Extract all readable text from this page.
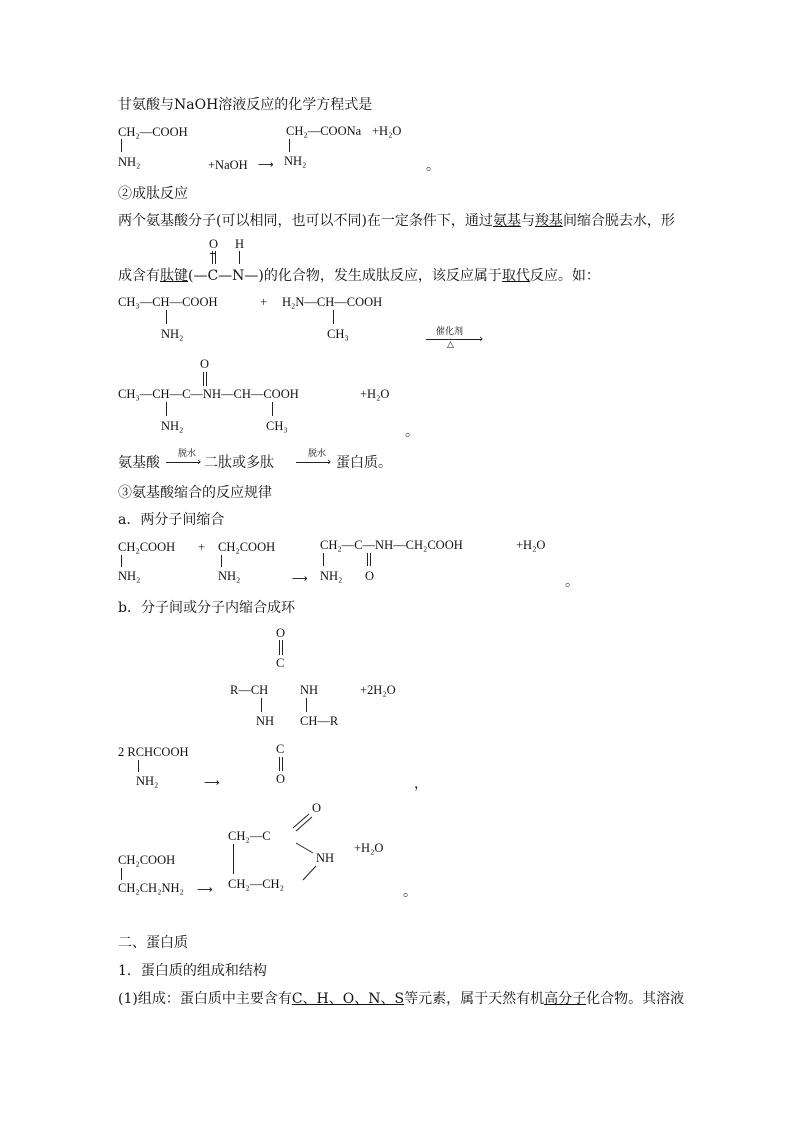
甘氨酸与NaOH溶液反应的化学方程式是
CH₂—COOH
NH₂	+NaOH ⟶
CH₂—COONa
NH₂
+H₂O
。
②成肽反应
两个氨基酸分子(可以相同，也可以不同)在一定条件下，通过氨基与羧基间缩合脱去水，形
O H
成含有肽键(—C—N—)的化合物，发生成肽反应，该反应属于取代反应。如：
CH₃—CH—COOH
NH₂
+ H₂N—CH—COOH
CH₃	催化剂 ›
△
O
CH₃—CH—C—NH—CH—COOH
NH₂	CH₃
+H₂O
。
氨基酸
脱水
› 二肽或多肽
脱水
› 蛋白质。
③氨基酸缩合的反应规律
a．两分子间缩合
CH₂COOH
NH₂
+ CH₂COOH
NH₂	⟶
CH₂—C—NH—CH₂COOH
NH₂ O
+H₂O
。
b．分子间或分子内缩合成环
O
C
R—CH	NH
NH CH—R
C
O
+2H₂O
2 RCHCOOH
NH₂	⟶	，
O
CH₂—C
NH
CH₂—CH₂
+H₂O
CH₂COOH
CH₂CH₂NH₂ ⟶	。
二、蛋白质
1．蛋白质的组成和结构
(1)组成：蛋白质中主要含有C、H、O、N、S等元素，属于天然有机高分子化合物。其溶液
